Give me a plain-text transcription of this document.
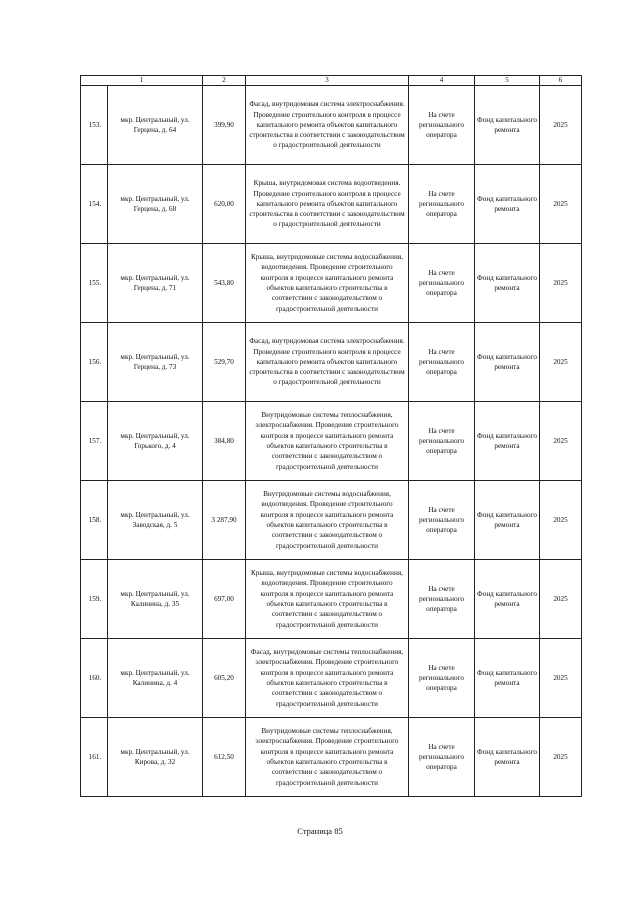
1		2	3	4	5	6
153.	мкр. Центральный, ул. Герцена, д. 64	399,90	Фасад, внутридомовая система электроснабжения. Проведение строительного контроля в процессе капитального ремонта объектов капитального строительства в соответствии с законодательством о градостроительной деятельности	На счете регионального оператора	Фонд капитального ремонта	2025
154.	мкр. Центральный, ул. Герцена, д. 68	620,00	Крыша, внутридомовая система водоотведения. Проведение строительного контроля в процессе капитального ремонта объектов капитального строительства в соответствии с законодательством о градостроительной деятельности	На счете регионального оператора	Фонд капитального ремонта	2025
155.	мкр. Центральный, ул. Герцена, д. 71	543,80	Крыша, внутридомовые системы водоснабжения, водоотведения. Проведение строительного контроля в процессе капитального ремонта объектов капитального строительства в соответствии с законодательством о градостроительной деятельности	На счете регионального оператора	Фонд капитального ремонта	2025
156.	мкр. Центральный, ул. Герцена, д. 73	529,70	Фасад, внутридомовая система электроснабжения. Проведение строительного контроля в процессе капитального ремонта объектов капитального строительства в соответствии с законодательством о градостроительной деятельности	На счете регионального оператора	Фонд капитального ремонта	2025
157.	мкр. Центральный, ул. Горького, д. 4	384,80	Внутридомовые системы теплоснабжения, электроснабжения. Проведение строительного контроля в процессе капитального ремонта объектов капитального строительства в соответствии с законодательством о градостроительной деятельности	На счете регионального оператора	Фонд капитального ремонта	2025
158.	мкр. Центральный, ул. Заводская, д. 5	3 287,90	Внутридомовые системы водоснабжения, водоотведения. Проведение строительного контроля в процессе капитального ремонта объектов капитального строительства в соответствии с законодательством о градостроительной деятельности	На счете регионального оператора	Фонд капитального ремонта	2025
159.	мкр. Центральный, ул. Калинина, д. 35	697,00	Крыша, внутридомовые системы водоснабжения, водоотведения. Проведение строительного контроля в процессе капитального ремонта объектов капитального строительства в соответствии с законодательством о градостроительной деятельности	На счете регионального оператора	Фонд капитального ремонта	2025
160.	мкр. Центральный, ул. Калинина, д. 4	605,20	Фасад, внутридомовые системы теплоснабжения, электроснабжения. Проведение строительного контроля в процессе капитального ремонта объектов капитального строительства в соответствии с законодательством о градостроительной деятельности	На счете регионального оператора	Фонд капитального ремонта	2025
161.	мкр. Центральный, ул. Кирова, д. 32	612,50	Внутридомовые системы теплоснабжения, электроснабжения. Проведение строительного контроля в процессе капитального ремонта объектов капитального строительства в соответствии с законодательством о градостроительной деятельности	На счете регионального оператора	Фонд капитального ремонта	2025
Страница 85
